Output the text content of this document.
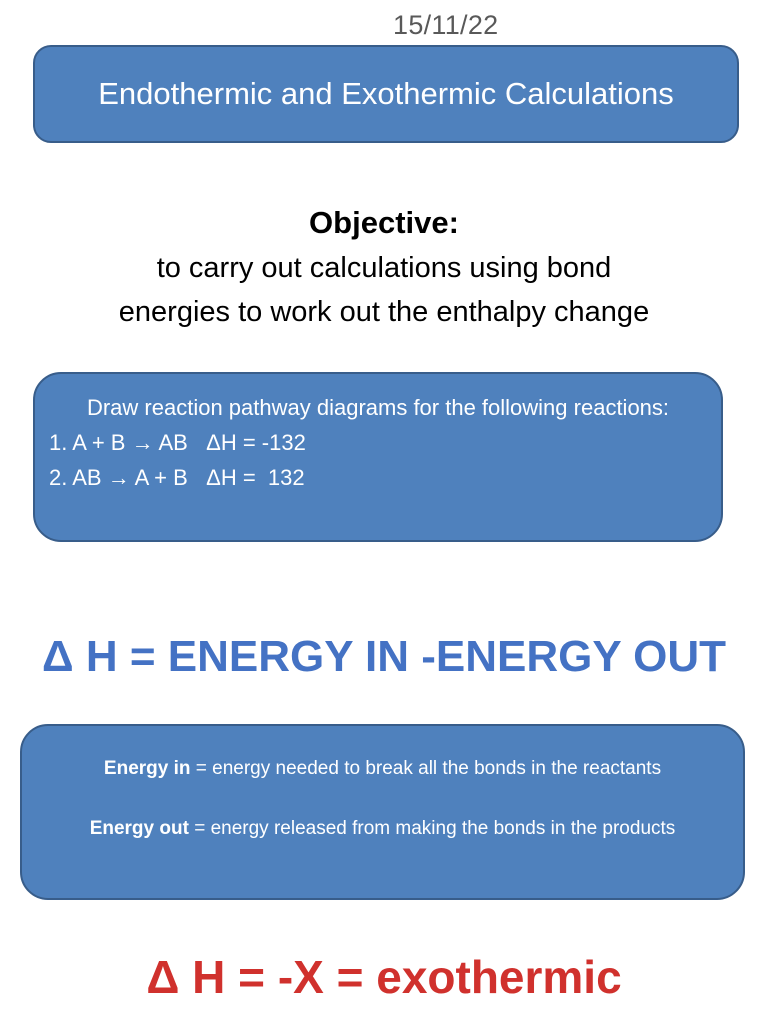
15/11/22
Endothermic and Exothermic Calculations
Objective:
to carry out calculations using bond
energies to work out the enthalpy change
Draw reaction pathway diagrams for the following reactions:
1. A + B → AB   ΔH = -132
2. AB → A + B   ΔH =  132
Δ H = ENERGY IN -ENERGY OUT
Energy in = energy needed to break all the bonds in the reactants
Energy out = energy released from making the bonds in the products
Δ H = -X = exothermic
